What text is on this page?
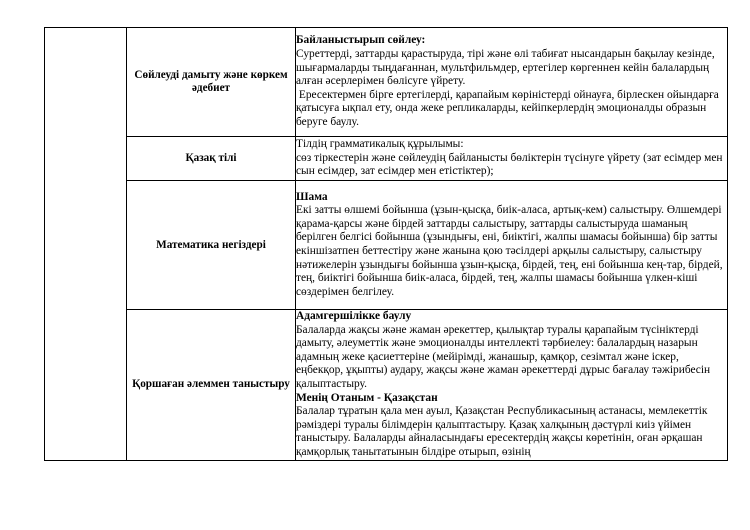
	Сөйлеуді дамыту және көркем әдебиет	Байланыстырып сөйлеу:

Суреттерді, заттарды қарастыруда, тірі және өлі табиғат нысандарын бақылау кезінде, шығармаларды тыңдағаннан, мультфильмдер, ертегілер көргеннен кейін балалардың алған әсерлерімен бөлісуге үйрету.

Ересектермен бірге ертегілерді, қарапайым көріністерді ойнауға, бірлескен ойындарға қатысуға ықпал ету, онда жеке репликаларды, кейіпкерлердің эмоционалды образын беруге баулу.

	Қазақ тілі	Тілдің грамматикалық құрылымы:

сөз тіркестерін және сөйлеудің байланысты бөліктерін түсінуге үйрету (зат есімдер мен сын есімдер, зат есімдер мен етістіктер);

	Математика негіздері	Шама

Екі затты өлшемі бойынша (ұзын-қысқа, биік-аласа, артық-кем) салыстыру. Өлшемдері қарама-қарсы және бірдей заттарды салыстыру, заттарды салыстыруда шаманың берілген белгісі бойынша (ұзындығы, ені, биіктігі, жалпы шамасы бойынша) бір затты екіншізатпен беттестіру және жанына қою тәсілдері арқылы салыстыру, салыстыру нәтижелерін ұзындығы бойынша ұзын-қысқа, бірдей, тең, ені бойынша кең-тар, бірдей, тең, биіктігі бойынша биік-аласа, бірдей, тең, жалпы шамасы бойынша үлкен-кіші сөздерімен белгілеу.

	Қоршаған әлеммен таныстыру	Адамгершілікке баулу

Балаларда жақсы және жаман әрекеттер, қылықтар туралы қарапайым түсініктерді дамыту, әлеуметтік және эмоционалды интеллекті тәрбиелеу: балалардың назарын адамның жеке қасиеттеріне (мейірімді, жанашыр, қамқор, сезімтал және іскер, еңбекқор, ұқыпты) аудару, жақсы және жаман әрекеттерді дұрыс бағалау тәжірибесін қалыптастыру.

Менің Отаным - Қазақстан

Балалар тұратын қала мен ауыл, Қазақстан Республикасының астанасы, мемлекеттік рәміздері туралы білімдерін қалыптастыру. Қазақ халқының дәстүрлі киіз үйімен таныстыру. Балаларды айналасындағы ересектердің жақсы көретінін, оған әрқашан қамқорлық танытатынын білдіре отырып, өзінің
